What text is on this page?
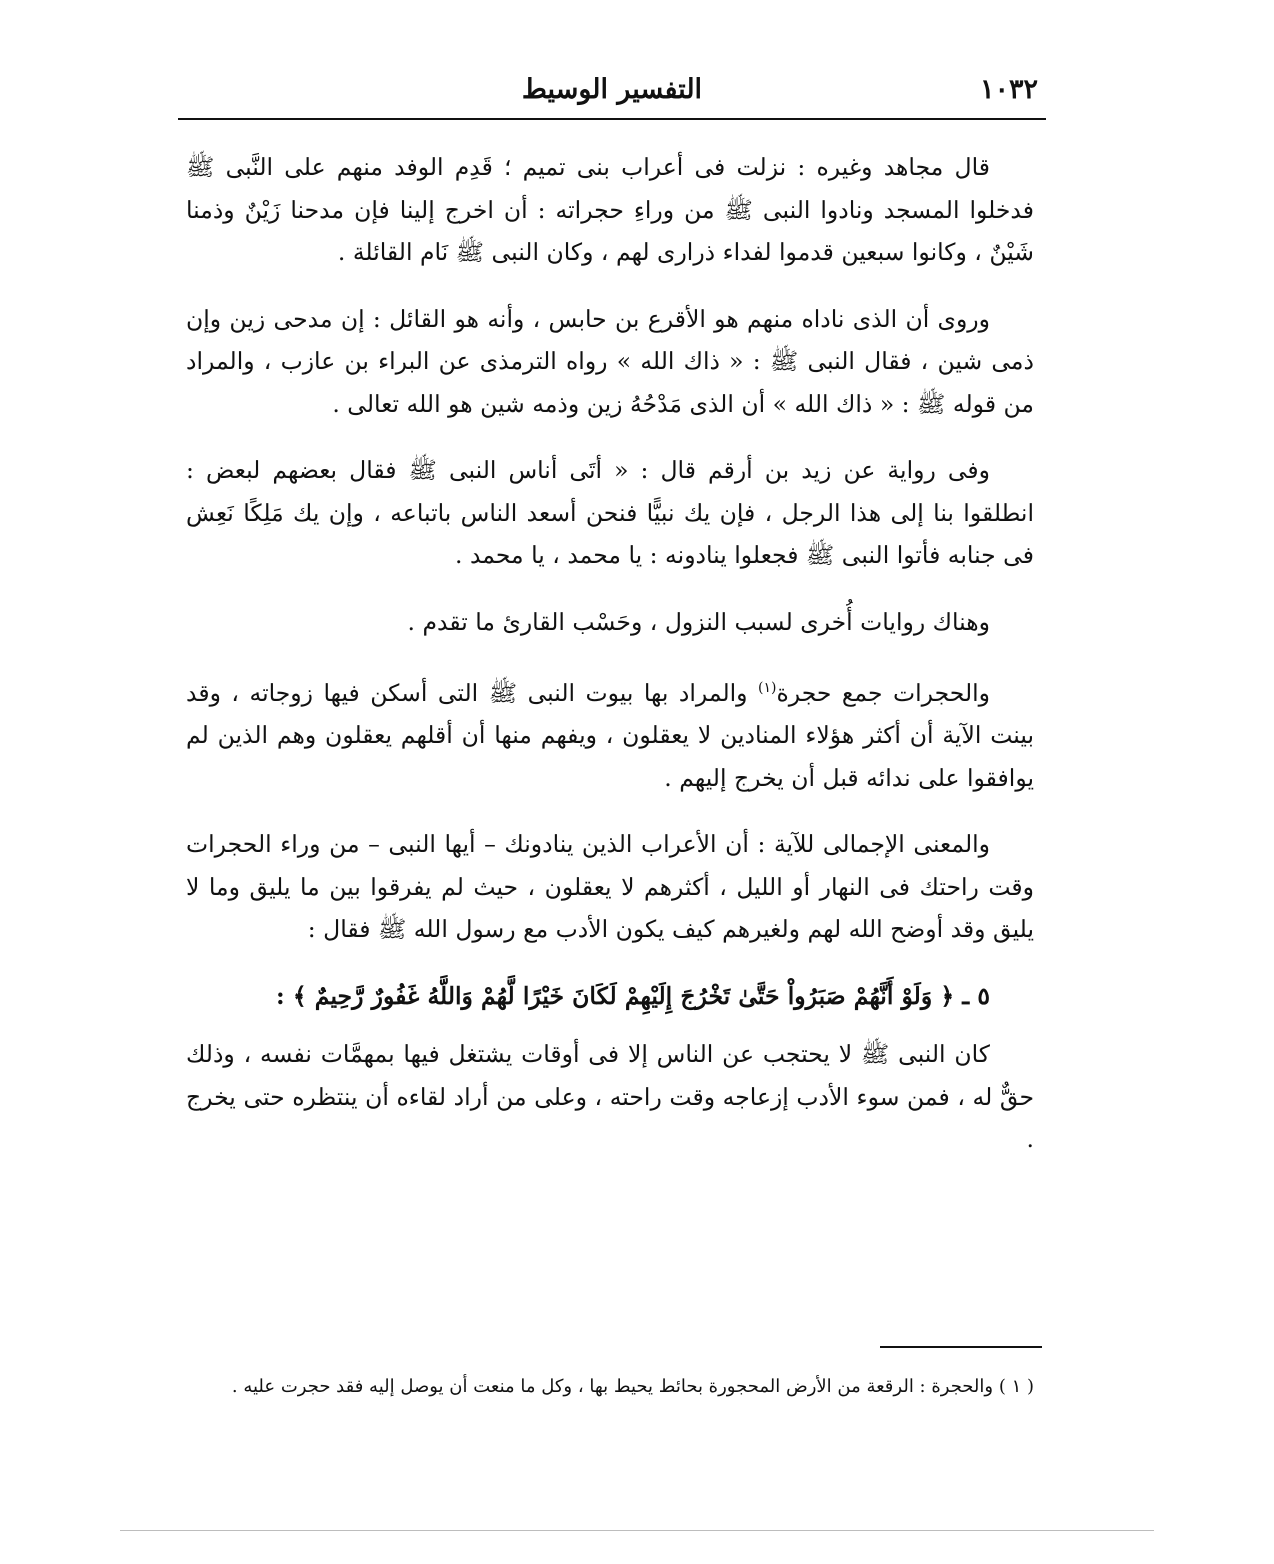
١٠٣٢
التفسير الوسيط

قال مجاهد وغيره : نزلت فى أعراب بنى تميم ؛ قَدِم الوفد منهم على النَّبى ﷺ فدخلوا المسجد ونادوا النبى ﷺ من وراءِ حجراته : أن اخرج إلينا فإن مدحنا زَيْنٌ وذمنا شَيْنٌ ، وكانوا سبعين قدموا لفداء ذرارى لهم ، وكان النبى ﷺ نَام القائلة .

وروى أن الذى ناداه منهم هو الأقرع بن حابس ، وأنه هو القائل : إن مدحى زين وإن ذمى شين ، فقال النبى ﷺ : « ذاك الله » رواه الترمذى عن البراء بن عازب ، والمراد من قوله ﷺ : « ذاك الله » أن الذى مَدْحُهُ زين وذمه شين هو الله تعالى .

وفى رواية عن زيد بن أرقم قال : « أتَى أناس النبى ﷺ فقال بعضهم لبعض : انطلقوا بنا إلى هذا الرجل ، فإن يك نبيًّا فنحن أسعد الناس باتباعه ، وإن يك مَلِكًا نَعِش فى جنابه فأتوا النبى ﷺ فجعلوا ينادونه : يا محمد ، يا محمد .

وهناك روايات أُخرى لسبب النزول ، وحَسْب القارئ ما تقدم .

والحجرات جمع حجرة$^{(١)}$ والمراد بها بيوت النبى ﷺ التى أسكن فيها زوجاته ، وقد بينت الآية أن أكثر هؤلاء المنادين لا يعقلون ، ويفهم منها أن أقلهم يعقلون وهم الذين لم يوافقوا على ندائه قبل أن يخرج إليهم .

والمعنى الإجمالى للآية : أن الأعراب الذين ينادونك – أيها النبى – من وراء الحجرات وقت راحتك فى النهار أو الليل ، أكثرهم لا يعقلون ، حيث لم يفرقوا بين ما يليق وما لا يليق وقد أوضح الله لهم ولغيرهم كيف يكون الأدب مع رسول الله ﷺ فقال :

٥ ـ ﴿ وَلَوْ أَنَّهُمْ صَبَرُواْ حَتَّىٰ تَخْرُجَ إِلَيْهِمْ لَكَانَ خَيْرًا لَّهُمْ وَاللَّهُ غَفُورٌ رَّحِيمٌ ﴾ :

كان النبى ﷺ لا يحتجب عن الناس إلا فى أوقات يشتغل فيها بمهمَّات نفسه ، وذلك حقٌّ له ، فمن سوء الأدب إزعاجه وقت راحته ، وعلى من أراد لقاءه أن ينتظره حتى يخرج .

( ١ ) والحجرة : الرقعة من الأرض المحجورة بحائط يحيط بها ، وكل ما منعت أن يوصل إليه فقد حجرت عليه .
